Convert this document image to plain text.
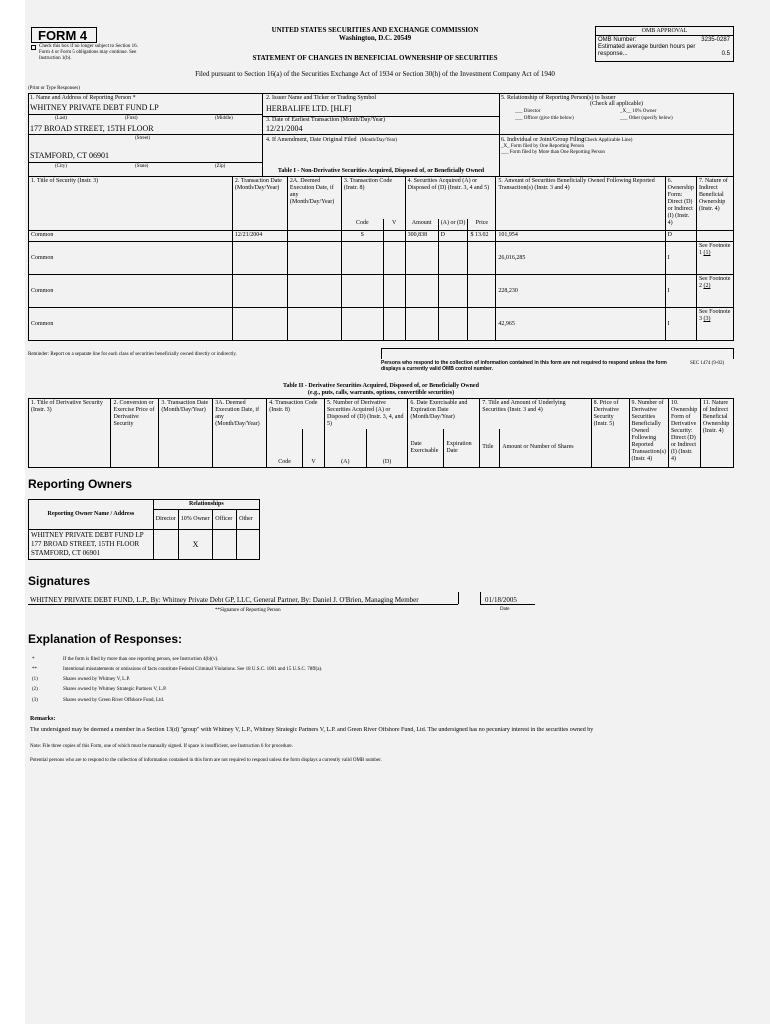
FORM 4
Check this box if no longer subject to Section 16. Form 4 or Form 5 obligations may continue. See Instruction 1(b).
UNITED STATES SECURITIES AND EXCHANGE COMMISSION
Washington, D.C. 20549
STATEMENT OF CHANGES IN BENEFICIAL OWNERSHIP OF SECURITIES
Filed pursuant to Section 16(a) of the Securities Exchange Act of 1934 or Section 30(h) of the Investment Company Act of 1940
OMB APPROVAL
OMB Number:	3235-0287
Estimated average burden hours per response...	0.5
(Print or Type Responses)
1. Name and Address of Reporting Person *
WHITNEY PRIVATE DEBT FUND LP
(Last)	(First)	(Middle)
177 BROAD STREET, 15TH FLOOR
(Street)
STAMFORD, CT 06901
(City)	(State)	(Zip)
2. Issuer Name and Ticker or Trading Symbol
HERBALIFE LTD. [HLF]
3. Date of Earliest Transaction (Month/Day/Year)
12/21/2004
4. If Amendment, Date Original Filed (Month/Day/Year)
5. Relationship of Reporting Person(s) to Issuer
(Check all applicable)
___ Director	_X__ 10% Owner
___ Officer (give title below)	___ Other (specify below)
6. Individual or Joint/Group Filing
(Check Applicable Line)
_X_ Form filed by One Reporting Person
___ Form filed by More than One Reporting Person
Table I - Non-Derivative Securities Acquired, Disposed of, or Beneficially Owned
1. Title of Security (Instr. 3)	2. Transaction Date (Month/Day/Year)	2A. Deemed Execution Date, if any (Month/Day/Year)	3. Transaction Code (Instr. 8)		4. Securities Acquired (A) or Disposed of (D) (Instr. 3, 4 and 5)			5. Amount of Securities Beneficially Owned Following Reported Transaction(s) (Instr. 3 and 4)	6. Ownership Form: Direct (D) or Indirect (I) (Instr. 4)	7. Nature of Indirect Beneficial Ownership (Instr. 4)
			Code	V	Amount	(A) or (D)	Price			
Common	12/21/2004		S		300,838	D	$ 13.02	101,954	D	
Common								26,016,285	I	See Footnote 1 (1)
Common								228,230	I	See Footnote 2 (2)
Common								42,965	I	See Footnote 3 (3)
Reminder: Report on a separate line for each class of securities beneficially owned directly or indirectly.
Persons who respond to the collection of information contained in this form are not required to respond unless the form displays a currently valid OMB control number.
SEC 1474 (9-02)
Table II - Derivative Securities Acquired, Disposed of, or Beneficially Owned
(e.g., puts, calls, warrants, options, convertible securities)
1. Title of Derivative Security (Instr. 3)	2. Conversion or Exercise Price of Derivative Security	3. Transaction Date (Month/Day/Year)	3A. Deemed Execution Date, if any (Month/Day/Year)	4. Transaction Code (Instr. 8)		5. Number of Derivative Securities Acquired (A) or Disposed of (D) (Instr. 3, 4, and 5)		6. Date Exercisable and Expiration Date (Month/Day/Year)		7. Title and Amount of Underlying Securities (Instr. 3 and 4)		8. Price of Derivative Security (Instr. 5)	9. Number of Derivative Securities Beneficially Owned Following Reported Transaction(s) (Instr. 4)	10. Ownership Form of Derivative Security: Direct (D) or Indirect (I) (Instr. 4)	11. Nature of Indirect Beneficial Ownership (Instr. 4)
				Code	V	(A)	(D)	Date Exercisable	Expiration Date	Title	Amount or Number of Shares				
Reporting Owners
Reporting Owner Name / Address	Relationships			
	Director	10% Owner	Officer	Other

WHITNEY PRIVATE DEBT FUND LP
177 BROAD STREET, 15TH FLOOR
STAMFORD, CT 06901		X		
Signatures
WHITNEY PRIVATE DEBT FUND, L.P., By: Whitney Private Debt GP, LLC, General Partner, By: Daniel J. O'Brien, Managing Member	01/18/2005
**Signature of Reporting Person	Date
Explanation of Responses:
*	If the form is filed by more than one reporting person, see Instruction 4(b)(v).
**	Intentional misstatements or omissions of facts constitute Federal Criminal Violations. See 18 U.S.C. 1001 and 15 U.S.C. 78ff(a).
(1)	Shares owned by Whitney V, L.P.
(2)	Shares owned by Whitney Strategic Partners V, L.P.
(3)	Shares owned by Green River Offshore Fund, Ltd.
Remarks:
The undersigned may be deemed a member in a Section 13(d) "group" with Whitney V, L.P., Whitney Strategic Partners V, L.P. and Green River Offshore Fund, Ltd. The undersigned has no pecuniary interest in the securities owned by
Note: File three copies of this Form, one of which must be manually signed. If space is insufficient, see Instruction 6 for procedure.
Potential persons who are to respond to the collection of information contained in this form are not required to respond unless the form displays a currently valid OMB number.
